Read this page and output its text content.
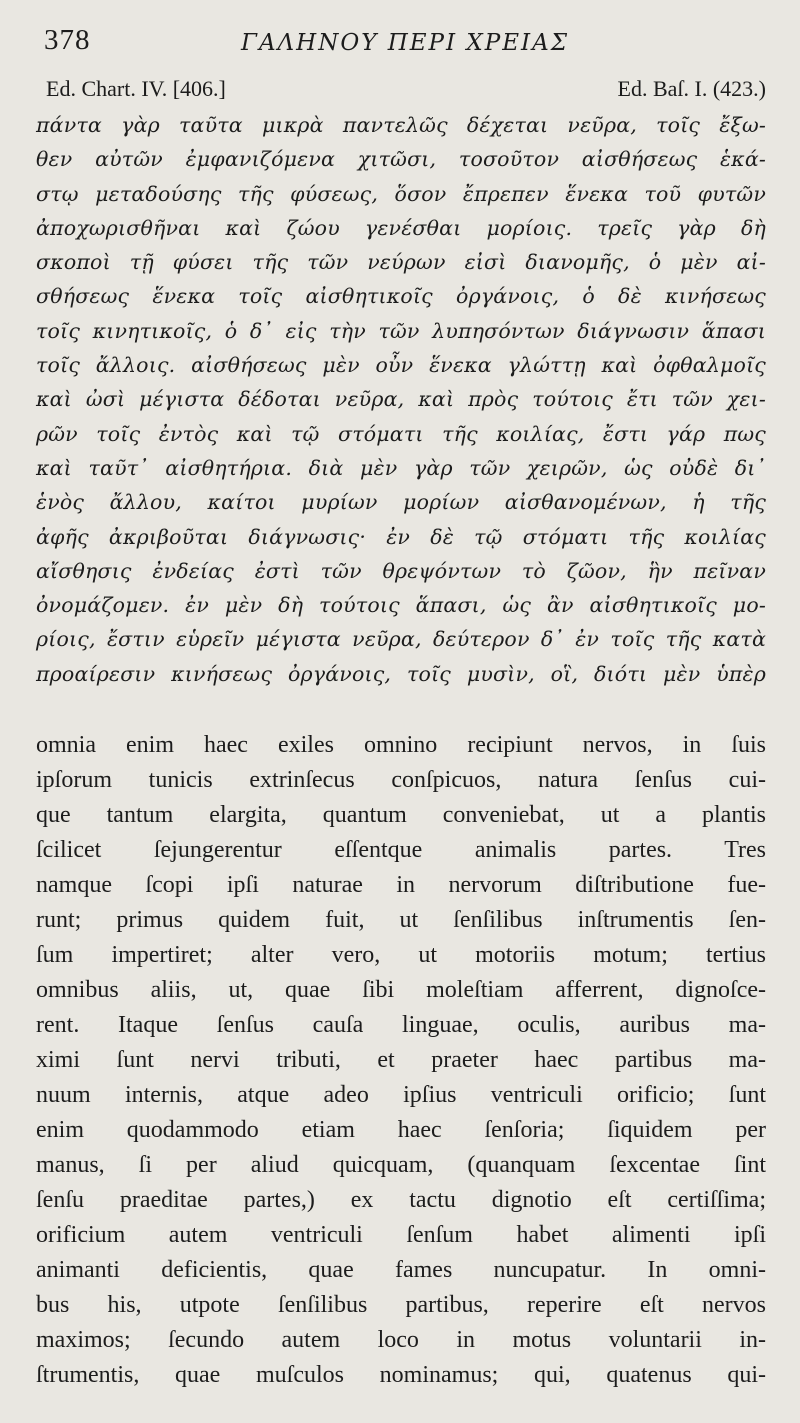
378	ΓΑΛΗΝΟΥ ΠΕΡΙ ΧΡΕΙΑΣ
Ed. Chart. IV. [406.]	Ed. Baſ. I. (423.)
πάντα γὰρ ταῦτα μικρὰ παντελῶς δέχεται νεῦρα, τοῖς ἔξω-
θεν αὐτῶν ἐμφανιζόμενα χιτῶσι, τοσοῦτον αἰσθήσεως ἑκά-
στῳ μεταδούσης τῆς φύσεως, ὅσον ἔπρεπεν ἕνεκα τοῦ φυτῶν
ἀποχωρισθῆναι καὶ ζώου γενέσθαι μορίοις. τρεῖς γὰρ δὴ
σκοποὶ τῇ φύσει τῆς τῶν νεύρων εἰσὶ διανομῆς, ὁ μὲν αἰ-
σθήσεως ἕνεκα τοῖς αἰσθητικοῖς ὀργάνοις, ὁ δὲ κινήσεως
τοῖς κινητικοῖς, ὁ δ᾽ εἰς τὴν τῶν λυπησόντων διάγνωσιν ἅπασι
τοῖς ἄλλοις. αἰσθήσεως μὲν οὖν ἕνεκα γλώττῃ καὶ ὀφθαλμοῖς
καὶ ὠσὶ μέγιστα δέδοται νεῦρα, καὶ πρὸς τούτοις ἔτι τῶν χει-
ρῶν τοῖς ἐντὸς καὶ τῷ στόματι τῆς κοιλίας, ἔστι γάρ πως
καὶ ταῦτ᾽ αἰσθητήρια. διὰ μὲν γὰρ τῶν χειρῶν, ὡς οὐδὲ δι᾽
ἑνὸς ἄλλου, καίτοι μυρίων μορίων αἰσθανομένων, ἡ τῆς
ἀφῆς ἀκριβοῦται διάγνωσις· ἐν δὲ τῷ στόματι τῆς κοιλίας
αἴσθησις ἐνδείας ἐστὶ τῶν θρεψόντων τὸ ζῶον, ἣν πεῖναν
ὀνομάζομεν. ἐν μὲν δὴ τούτοις ἅπασι, ὡς ἂν αἰσθητικοῖς μο-
ρίοις, ἔστιν εὑρεῖν μέγιστα νεῦρα, δεύτερον δ᾽ ἐν τοῖς τῆς κατὰ
προαίρεσιν κινήσεως ὀργάνοις, τοῖς μυσὶν, οἳ, διότι μὲν ὑπὲρ
omnia enim haec exiles omnino recipiunt nervos, in ſuis
ipſorum tunicis extrinſecus conſpicuos, natura ſenſus cui-
que tantum elargita, quantum conveniebat, ut a plantis
ſcilicet ſejungerentur eſſentque animalis partes. Tres
namque ſcopi ipſi naturae in nervorum diſtributione fue-
runt; primus quidem fuit, ut ſenſilibus inſtrumentis ſen-
ſum impertiret; alter vero, ut motoriis motum; tertius
omnibus aliis, ut, quae ſibi moleſtiam afferrent, dignoſce-
rent. Itaque ſenſus cauſa linguae, oculis, auribus ma-
ximi ſunt nervi tributi, et praeter haec partibus ma-
nuum internis, atque adeo ipſius ventriculi orificio; ſunt
enim quodammodo etiam haec ſenſoria; ſiquidem per
manus, ſi per aliud quicquam, (quanquam ſexcentae ſint
ſenſu praeditae partes,) ex tactu dignotio eſt certiſſima;
orificium autem ventriculi ſenſum habet alimenti ipſi
animanti deficientis, quae fames nuncupatur. In omni-
bus his, utpote ſenſilibus partibus, reperire eſt nervos
maximos; ſecundo autem loco in motus voluntarii in-
ſtrumentis, quae muſculos nominamus; qui, quatenus qui-
